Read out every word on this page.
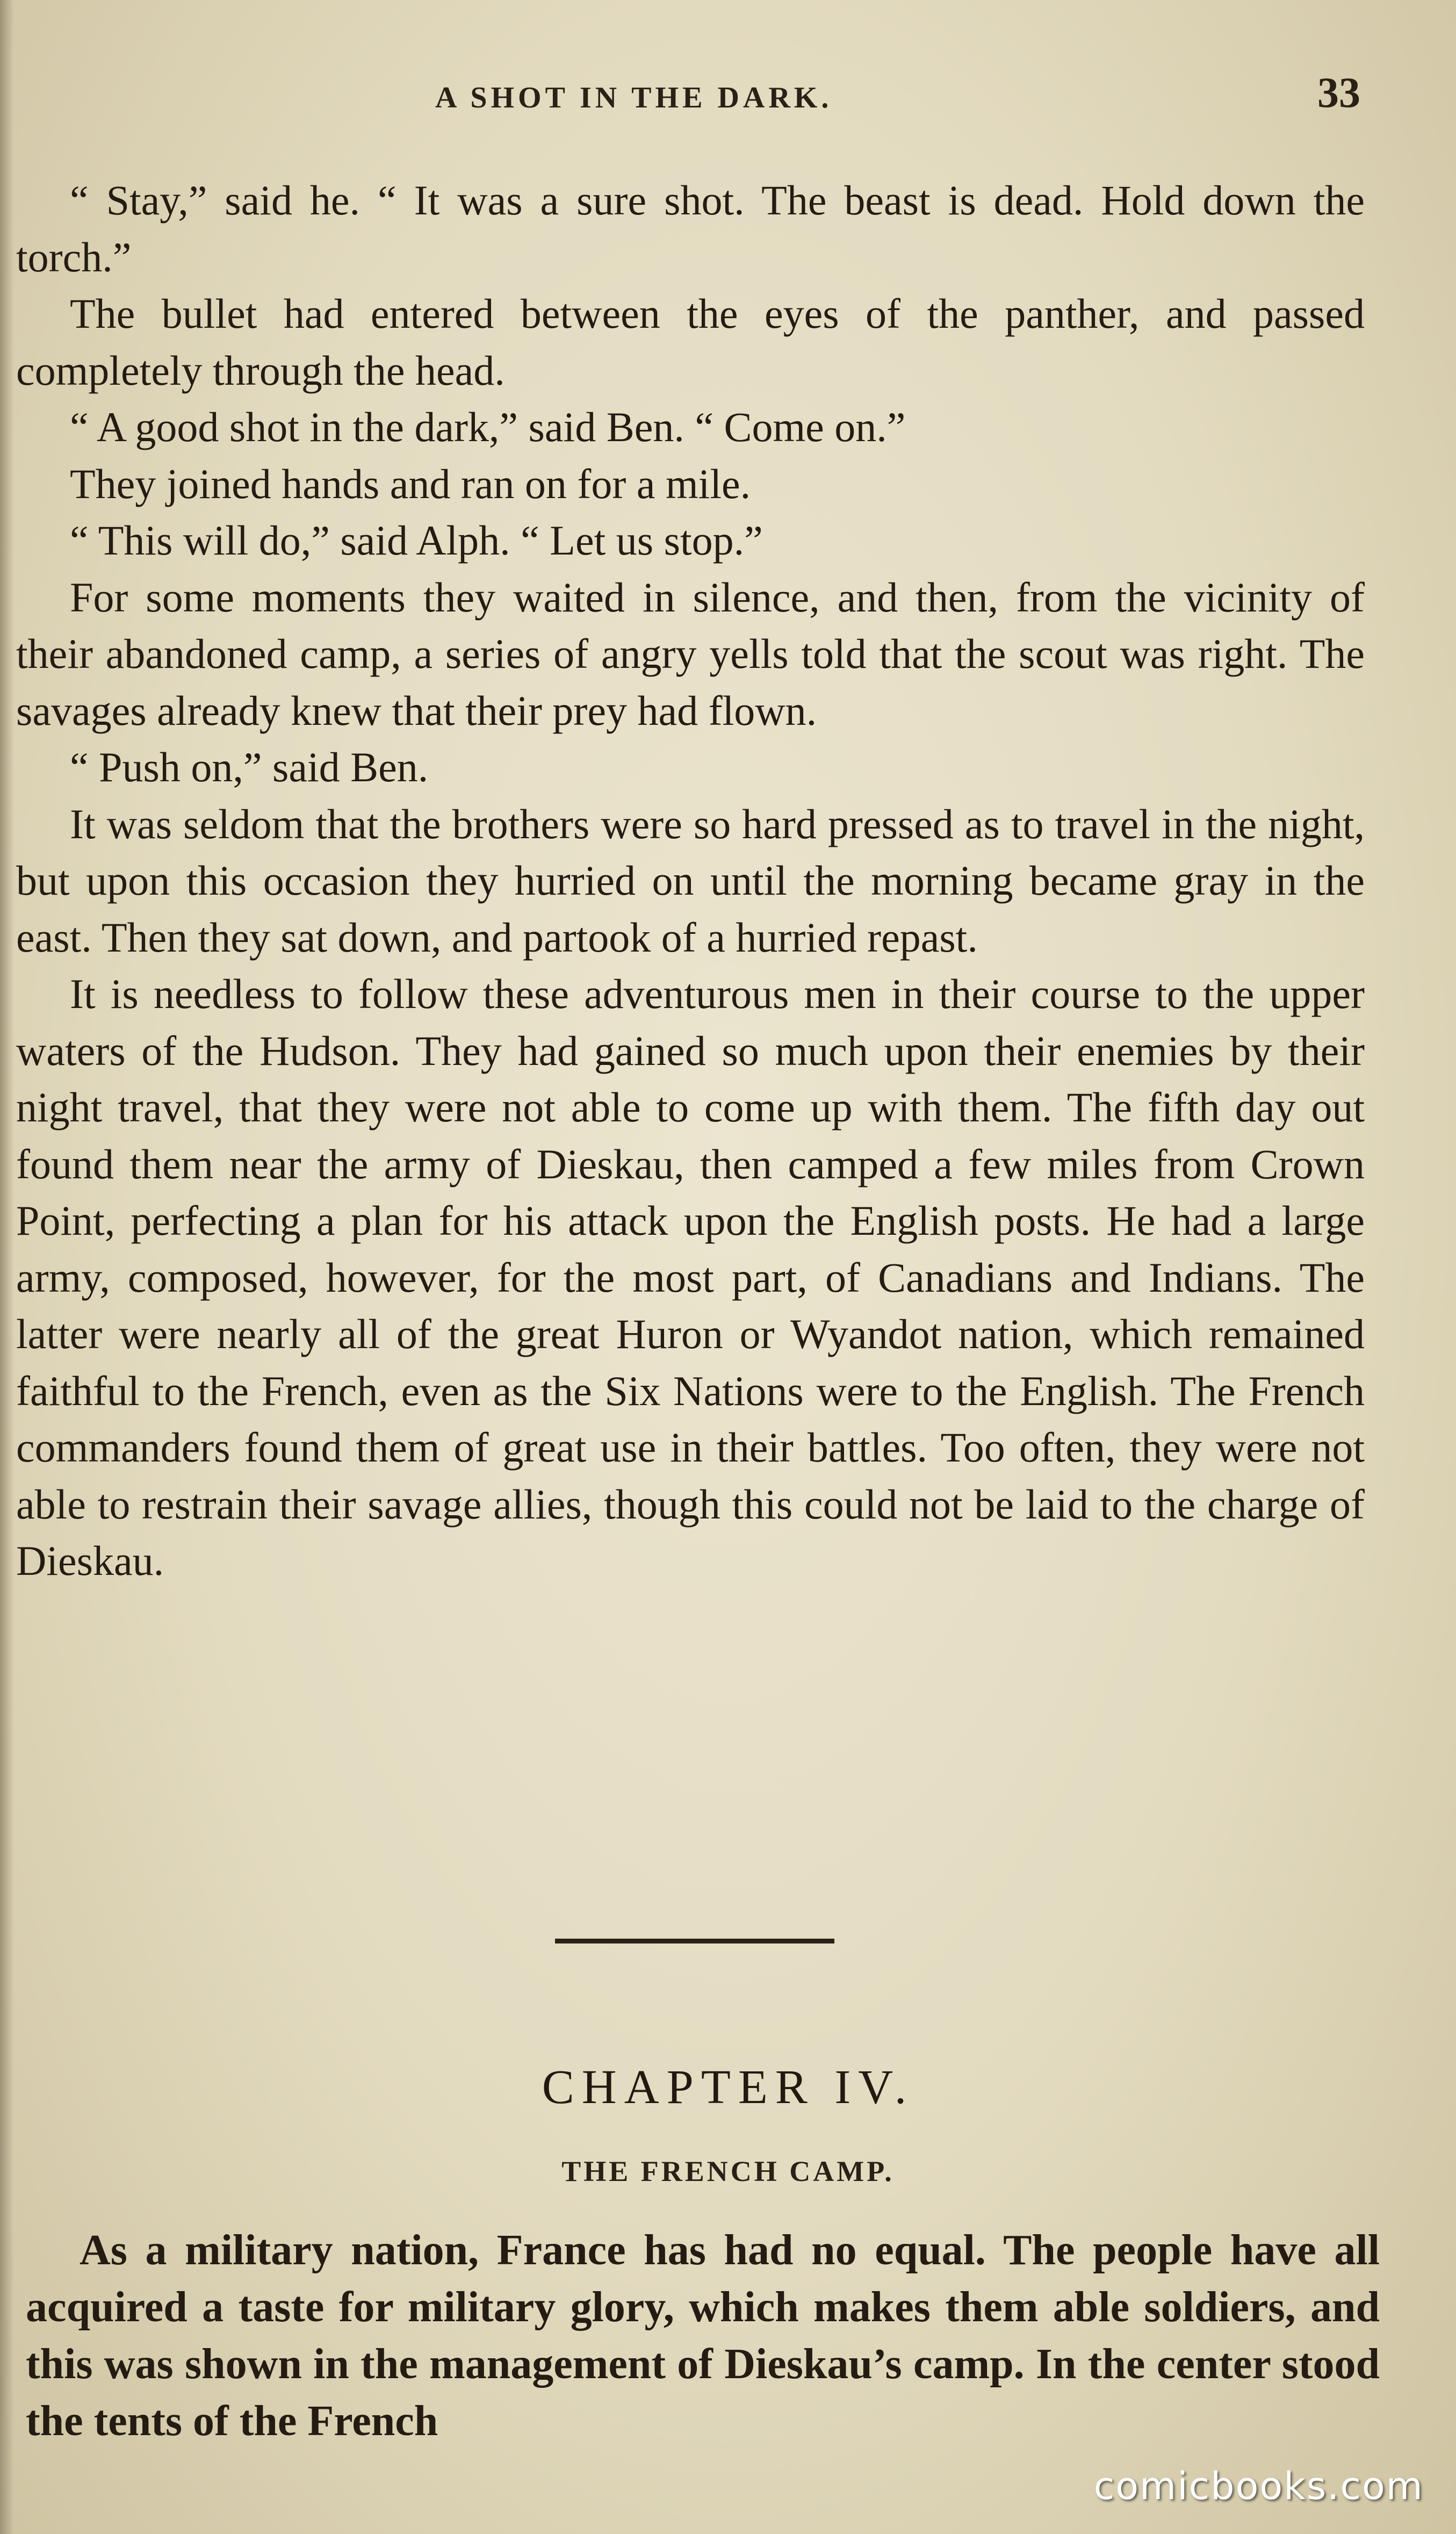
A SHOT IN THE DARK.	33

“ Stay,” said he. “ It was a sure shot. The beast is dead. Hold down the torch.”

The bullet had entered between the eyes of the panther, and passed completely through the head.

“ A good shot in the dark,” said Ben. “ Come on.”

They joined hands and ran on for a mile.

“ This will do,” said Alph. “ Let us stop.”

For some moments they waited in silence, and then, from the vicinity of their abandoned camp, a series of angry yells told that the scout was right. The savages already knew that their prey had flown.

“ Push on,” said Ben.

It was seldom that the brothers were so hard pressed as to travel in the night, but upon this occasion they hurried on until the morning became gray in the east. Then they sat down, and partook of a hurried repast.

It is needless to follow these adventurous men in their course to the upper waters of the Hudson. They had gained so much upon their enemies by their night travel, that they were not able to come up with them. The fifth day out found them near the army of Dieskau, then camped a few miles from Crown Point, perfecting a plan for his attack upon the English posts. He had a large army, composed, however, for the most part, of Canadians and Indians. The latter were nearly all of the great Huron or Wyandot nation, which remained faithful to the French, even as the Six Nations were to the English. The French commanders found them of great use in their battles. Too often, they were not able to restrain their savage allies, though this could not be laid to the charge of Dieskau.

CHAPTER IV.
THE FRENCH CAMP.

As a military nation, France has had no equal. The people have all acquired a taste for military glory, which makes them able soldiers, and this was shown in the management of Dieskau’s camp. In the center stood the tents of the French

comicbooks.com
